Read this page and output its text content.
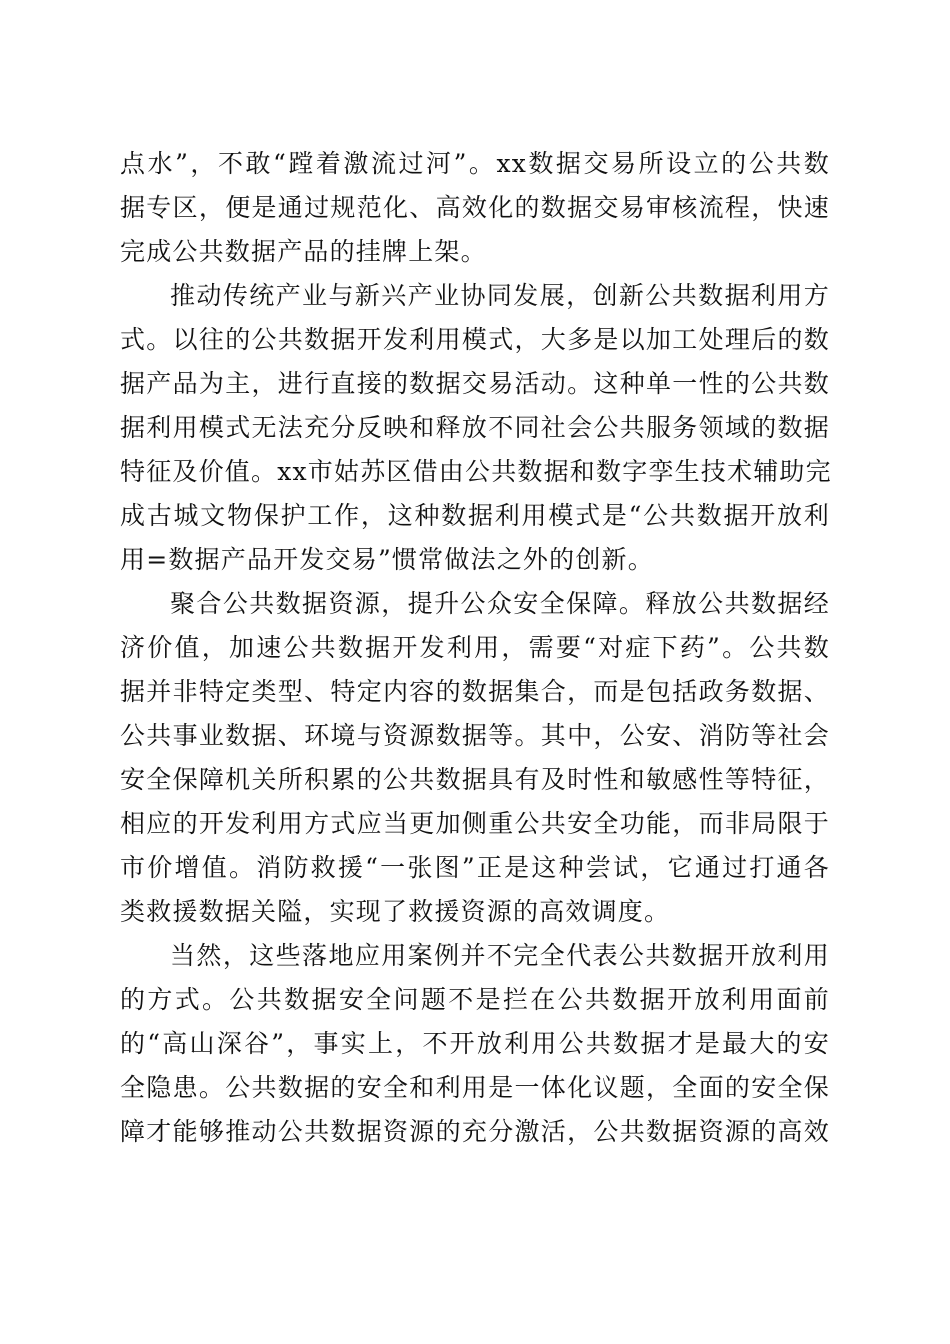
点水”，不敢“蹚着激流过河”。xx数据交易所设立的公共数
据专区，便是通过规范化、高效化的数据交易审核流程，快速
完成公共数据产品的挂牌上架。
推动传统产业与新兴产业协同发展，创新公共数据利用方
式。以往的公共数据开发利用模式，大多是以加工处理后的数
据产品为主，进行直接的数据交易活动。这种单一性的公共数
据利用模式无法充分反映和释放不同社会公共服务领域的数据
特征及价值。xx市姑苏区借由公共数据和数字孪生技术辅助完
成古城文物保护工作，这种数据利用模式是“公共数据开放利
用=数据产品开发交易”惯常做法之外的创新。
聚合公共数据资源，提升公众安全保障。释放公共数据经
济价值，加速公共数据开发利用，需要“对症下药”。公共数
据并非特定类型、特定内容的数据集合，而是包括政务数据、
公共事业数据、环境与资源数据等。其中，公安、消防等社会
安全保障机关所积累的公共数据具有及时性和敏感性等特征，
相应的开发利用方式应当更加侧重公共安全功能，而非局限于
市价增值。消防救援“一张图”正是这种尝试，它通过打通各
类救援数据关隘，实现了救援资源的高效调度。
当然，这些落地应用案例并不完全代表公共数据开放利用
的方式。公共数据安全问题不是拦在公共数据开放利用面前
的“高山深谷”，事实上，不开放利用公共数据才是最大的安
全隐患。公共数据的安全和利用是一体化议题，全面的安全保
障才能够推动公共数据资源的充分激活，公共数据资源的高效
